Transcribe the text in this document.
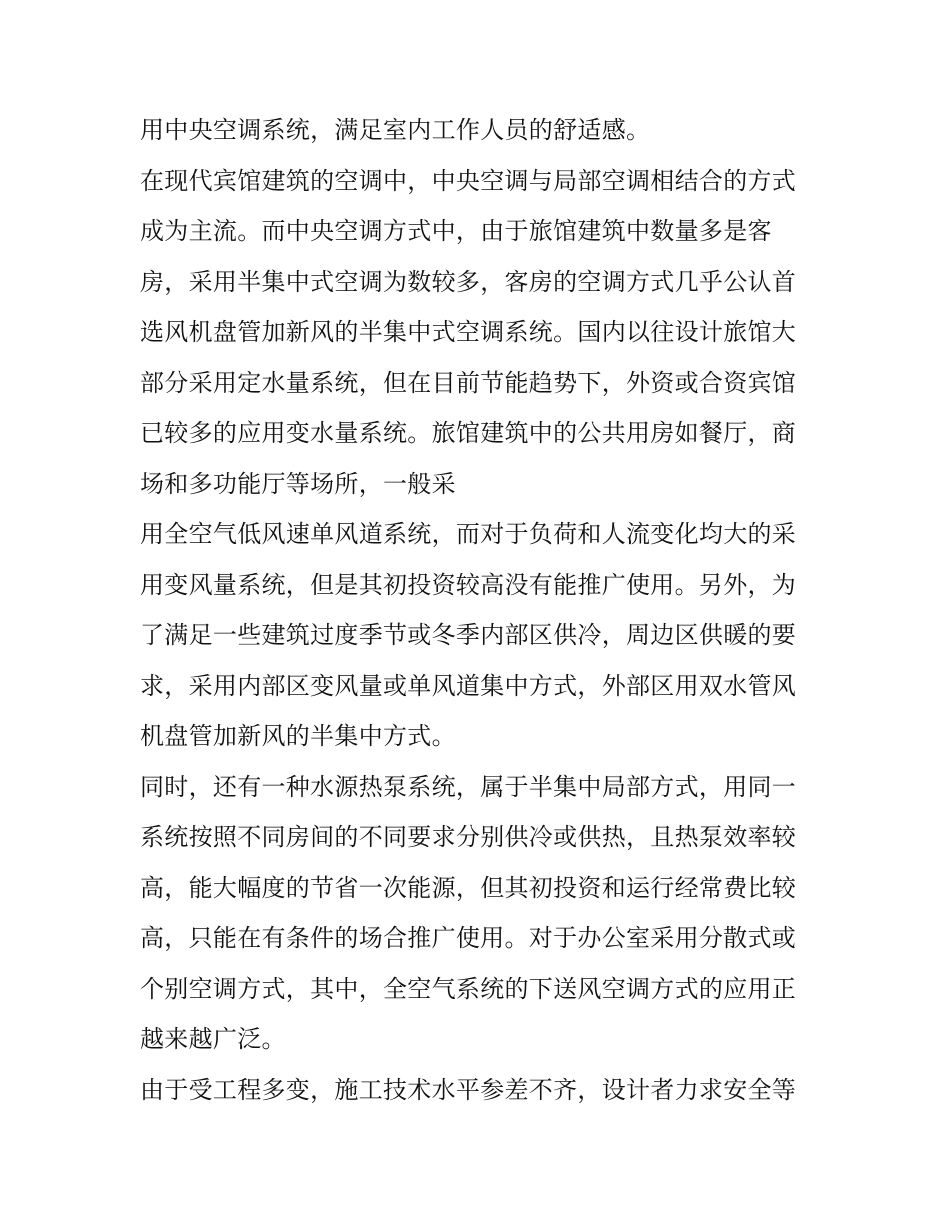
用中央空调系统，满足室内工作人员的舒适感。
在现代宾馆建筑的空调中，中央空调与局部空调相结合的方式
成为主流。而中央空调方式中，由于旅馆建筑中数量多是客
房，采用半集中式空调为数较多，客房的空调方式几乎公认首
选风机盘管加新风的半集中式空调系统。国内以往设计旅馆大
部分采用定水量系统，但在目前节能趋势下，外资或合资宾馆
已较多的应用变水量系统。旅馆建筑中的公共用房如餐厅，商
场和多功能厅等场所，一般采
用全空气低风速单风道系统，而对于负荷和人流变化均大的采
用变风量系统，但是其初投资较高没有能推广使用。另外，为
了满足一些建筑过度季节或冬季内部区供冷，周边区供暖的要
求，采用内部区变风量或单风道集中方式，外部区用双水管风
机盘管加新风的半集中方式。
同时，还有一种水源热泵系统，属于半集中局部方式，用同一
系统按照不同房间的不同要求分别供冷或供热，且热泵效率较
高，能大幅度的节省一次能源，但其初投资和运行经常费比较
高，只能在有条件的场合推广使用。对于办公室采用分散式或
个别空调方式，其中，全空气系统的下送风空调方式的应用正
越来越广泛。
由于受工程多变，施工技术水平参差不齐，设计者力求安全等
